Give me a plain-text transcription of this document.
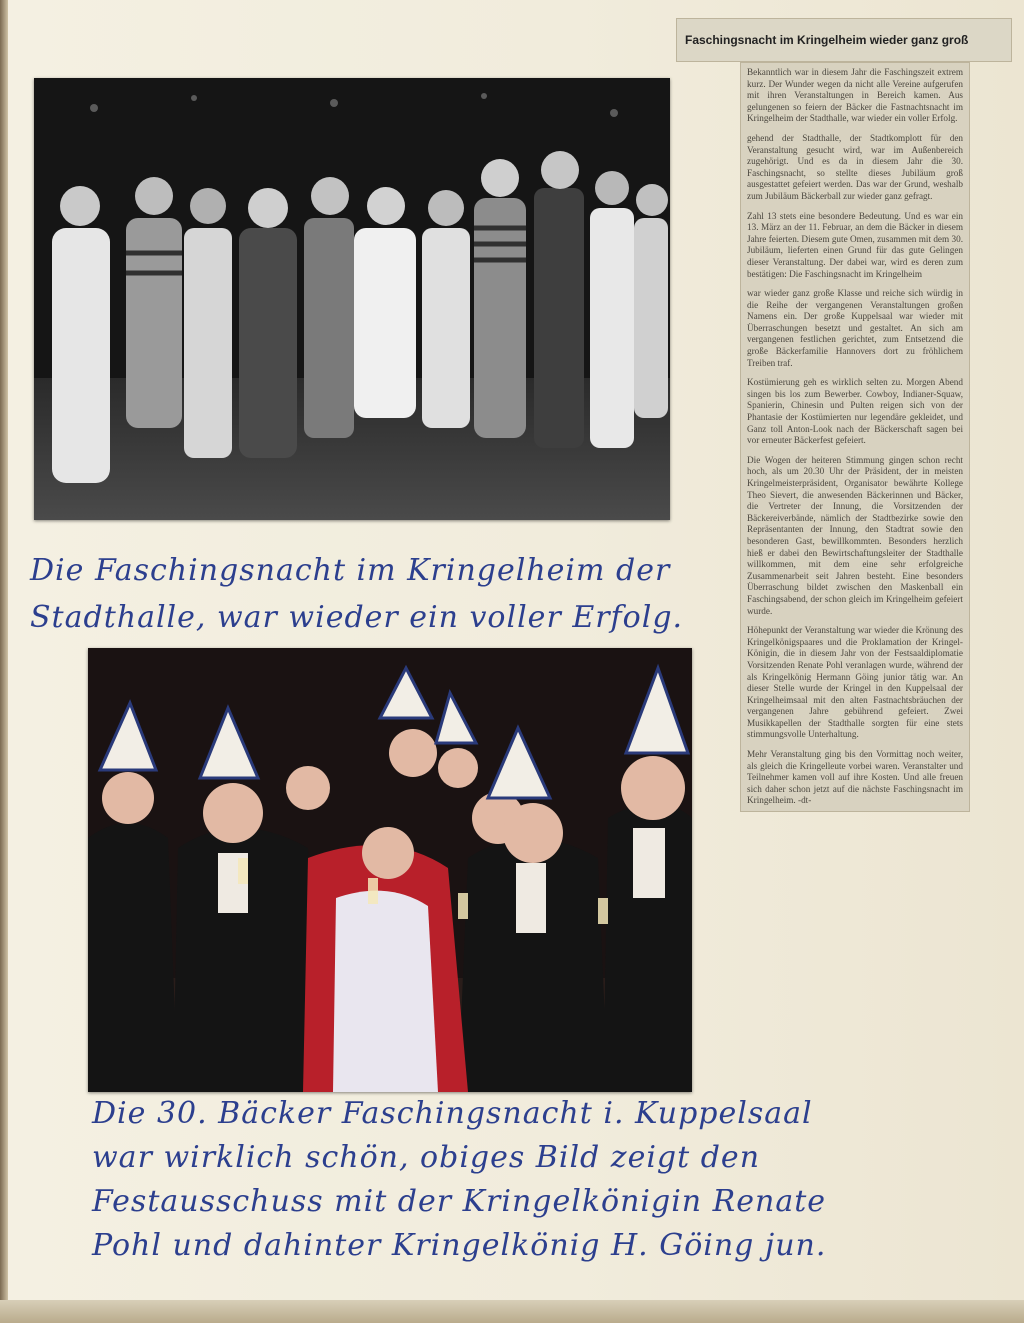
Die Faschingsnacht im Kringelheim der
Stadthalle, war wieder ein voller Erfolg.
Die 30. Bäcker Faschingsnacht i. Kuppelsaal
war wirklich schön, obiges Bild zeigt den
Festausschuss mit der Kringelkönigin Renate
Pohl und dahinter Kringelkönig H. Göing jun.
Faschingsnacht im Kringelheim wieder ganz groß
Bekanntlich war in diesem Jahr die Faschingszeit extrem kurz. Der Wunder wegen da nicht alle Vereine aufgerufen mit ihren Veranstaltungen in Bereich kamen. Aus gelungenen so feiern der Bäcker die Fastnachtsnacht im Kringelheim der Stadthalle, war wieder ein voller Erfolg.
gehend der Stadthalle, der Stadtkomplott für den Veranstaltung gesucht wird, war im Außenbereich zugehörigt. Und es da in diesem Jahr die 30. Faschingsnacht, so stellte dieses Jubiläum groß ausgestattet gefeiert werden. Das war der Grund, weshalb zum Jubiläum Bäckerball zur wieder ganz gefragt.
Zahl 13 stets eine besondere Bedeutung. Und es war ein 13. März an der 11. Februar, an dem die Bäcker in diesem Jahre feierten. Diesem gute Omen, zusammen mit dem 30. Jubiläum, lieferten einen Grund für das gute Gelingen dieser Veranstaltung. Der dabei war, wird es deren zum bestätigen: Die Faschingsnacht im Kringelheim
war wieder ganz große Klasse und reiche sich würdig in die Reihe der vergangenen Veranstaltungen großen Namens ein. Der große Kuppelsaal war wieder mit Überraschungen besetzt und gestaltet. An sich am vergangenen festlichen gerichtet, zum Entsetzend die große Bäckerfamilie Hannovers dort zu fröhlichem Treiben traf.
Kostümierung geh es wirklich selten zu. Morgen Abend singen bis los zum Bewerber. Cowboy, Indianer-Squaw, Spanierin, Chinesin und Pulten reigen sich von der Phantasie der Kostümierten nur legendäre gekleidet, und Ganz toll Anton-Look nach der Bäckerschaft sagen bei vor erneuter Bäckerfest gefeiert.
Die Wogen der heiteren Stimmung gingen schon recht hoch, als um 20.30 Uhr der Präsident, der in meisten Kringelmeisterpräsident, Organisator bewährte Kollege Theo Sievert, die anwesenden Bäckerinnen und Bäcker, die Vertreter der Innung, die Vorsitzenden der Bäckereiverbände, nämlich der Stadtbezirke sowie den Repräsentanten der Innung, den Stadtrat sowie den besonderen Gast, bewillkommten. Besonders herzlich hieß er dabei den Bewirtschaftungsleiter der Stadthalle willkommen, mit dem eine sehr erfolgreiche Zusammenarbeit seit Jahren besteht. Eine besonders Überraschung bildet zwischen den Maskenball ein Faschingsabend, der schon gleich im Kringelheim gefeiert wurde.
Höhepunkt der Veranstaltung war wieder die Krönung des Kringelkönigspaares und die Proklamation der Kringel-Königin, die in diesem Jahr von der Festsaaldiplomatie Vorsitzenden Renate Pohl veranlagen wurde, während der als Kringelkönig Hermann Göing junior tätig war. An dieser Stelle wurde der Kringel in den Kuppelsaal der Kringelheimsaal mit den alten Fastnachtsbräuchen der vergangenen Jahre gebührend gefeiert. Zwei Musikkapellen der Stadthalle sorgten für eine stets stimmungsvolle Unterhaltung.
Mehr Veranstaltung ging bis den Vormittag noch weiter, als gleich die Kringelleute vorbei waren. Veranstalter und Teilnehmer kamen voll auf ihre Kosten. Und alle freuen sich daher schon jetzt auf die nächste Faschingsnacht im Kringelheim. -dt-
